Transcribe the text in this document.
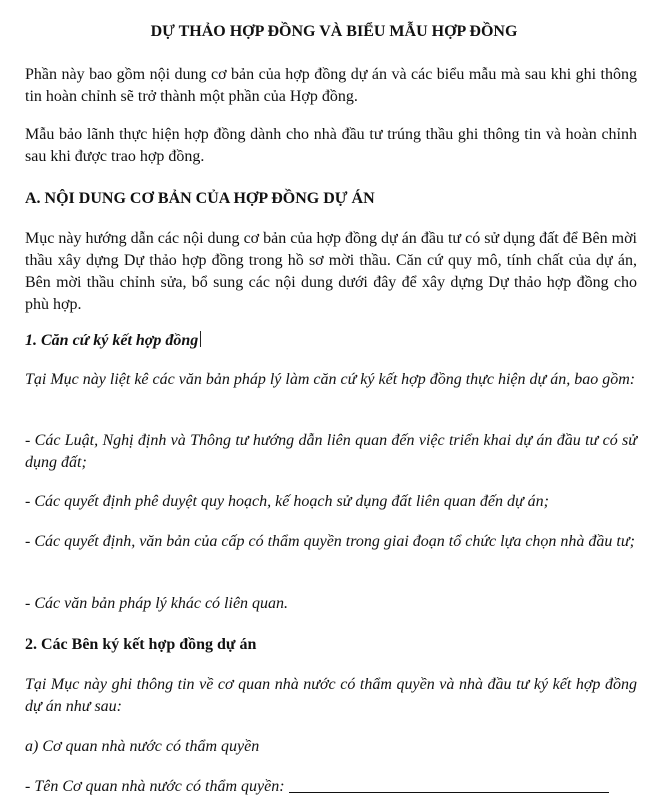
DỰ THẢO HỢP ĐỒNG VÀ BIỂU MẪU HỢP ĐỒNG

Phần này bao gồm nội dung cơ bản của hợp đồng dự án và các biểu mẫu mà sau khi ghi thông tin hoàn chỉnh sẽ trở thành một phần của Hợp đồng.

Mẫu bảo lãnh thực hiện hợp đồng dành cho nhà đầu tư trúng thầu ghi thông tin và hoàn chỉnh sau khi được trao hợp đồng.

A. NỘI DUNG CƠ BẢN CỦA HỢP ĐỒNG DỰ ÁN

Mục này hướng dẫn các nội dung cơ bản của hợp đồng dự án đầu tư có sử dụng đất để Bên mời thầu xây dựng Dự thảo hợp đồng trong hồ sơ mời thầu. Căn cứ quy mô, tính chất của dự án, Bên mời thầu chỉnh sửa, bổ sung các nội dung dưới đây để xây dựng Dự thảo hợp đồng cho phù hợp.

1. Căn cứ ký kết hợp đồng

Tại Mục này liệt kê các văn bản pháp lý làm căn cứ ký kết hợp đồng thực hiện dự án, bao gồm:

- Các Luật, Nghị định và Thông tư hướng dẫn liên quan đến việc triển khai dự án đầu tư có sử dụng đất;

- Các quyết định phê duyệt quy hoạch, kế hoạch sử dụng đất liên quan đến dự án;

- Các quyết định, văn bản của cấp có thẩm quyền trong giai đoạn tổ chức lựa chọn nhà đầu tư;

- Các văn bản pháp lý khác có liên quan.

2. Các Bên ký kết hợp đồng dự án

Tại Mục này ghi thông tin về cơ quan nhà nước có thẩm quyền và nhà đầu tư ký kết hợp đồng dự án như sau:

a) Cơ quan nhà nước có thẩm quyền

- Tên Cơ quan nhà nước có thẩm quyền:
